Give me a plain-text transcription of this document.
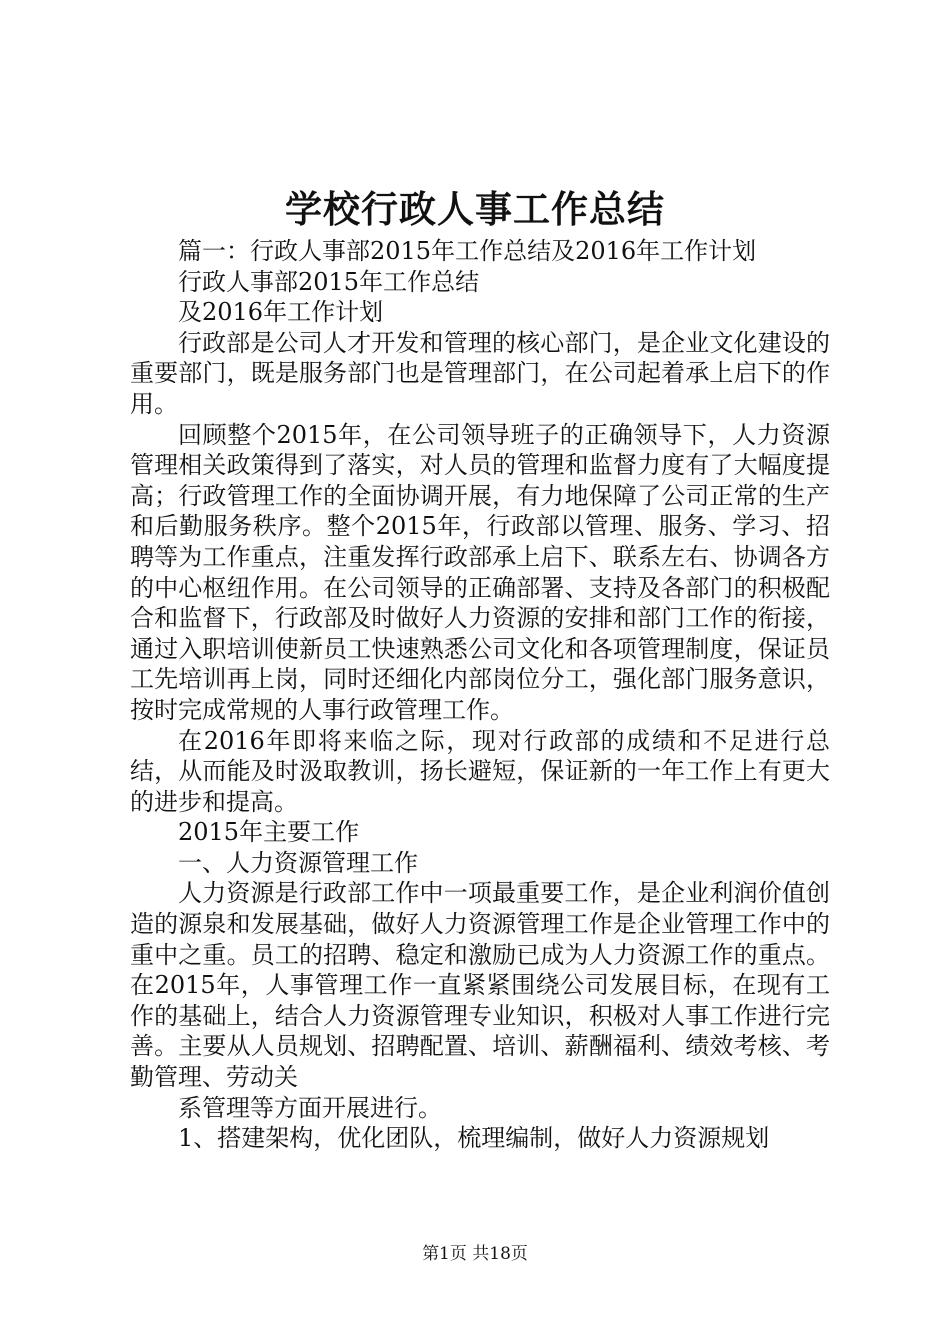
学校行政人事工作总结

篇一：行政人事部2015年工作总结及2016年工作计划

行政人事部2015年工作总结

及2016年工作计划

行政部是公司人才开发和管理的核心部门，是企业文化建设的重要部门，既是服务部门也是管理部门，在公司起着承上启下的作用。

回顾整个2015年，在公司领导班子的正确领导下，人力资源管理相关政策得到了落实，对人员的管理和监督力度有了大幅度提高；行政管理工作的全面协调开展，有力地保障了公司正常的生产和后勤服务秩序。整个2015年，行政部以管理、服务、学习、招聘等为工作重点，注重发挥行政部承上启下、联系左右、协调各方的中心枢纽作用。在公司领导的正确部署、支持及各部门的积极配合和监督下，行政部及时做好人力资源的安排和部门工作的衔接，通过入职培训使新员工快速熟悉公司文化和各项管理制度，保证员工先培训再上岗，同时还细化内部岗位分工，强化部门服务意识，按时完成常规的人事行政管理工作。

在2016年即将来临之际，现对行政部的成绩和不足进行总结，从而能及时汲取教训，扬长避短，保证新的一年工作上有更大的进步和提高。

2015年主要工作

一、人力资源管理工作

人力资源是行政部工作中一项最重要工作，是企业利润价值创造的源泉和发展基础，做好人力资源管理工作是企业管理工作中的重中之重。员工的招聘、稳定和激励已成为人力资源工作的重点。在2015年，人事管理工作一直紧紧围绕公司发展目标，在现有工作的基础上，结合人力资源管理专业知识，积极对人事工作进行完善。主要从人员规划、招聘配置、培训、薪酬福利、绩效考核、考勤管理、劳动关

系管理等方面开展进行。

1、搭建架构，优化团队，梳理编制，做好人力资源规划

第1页 共18页
